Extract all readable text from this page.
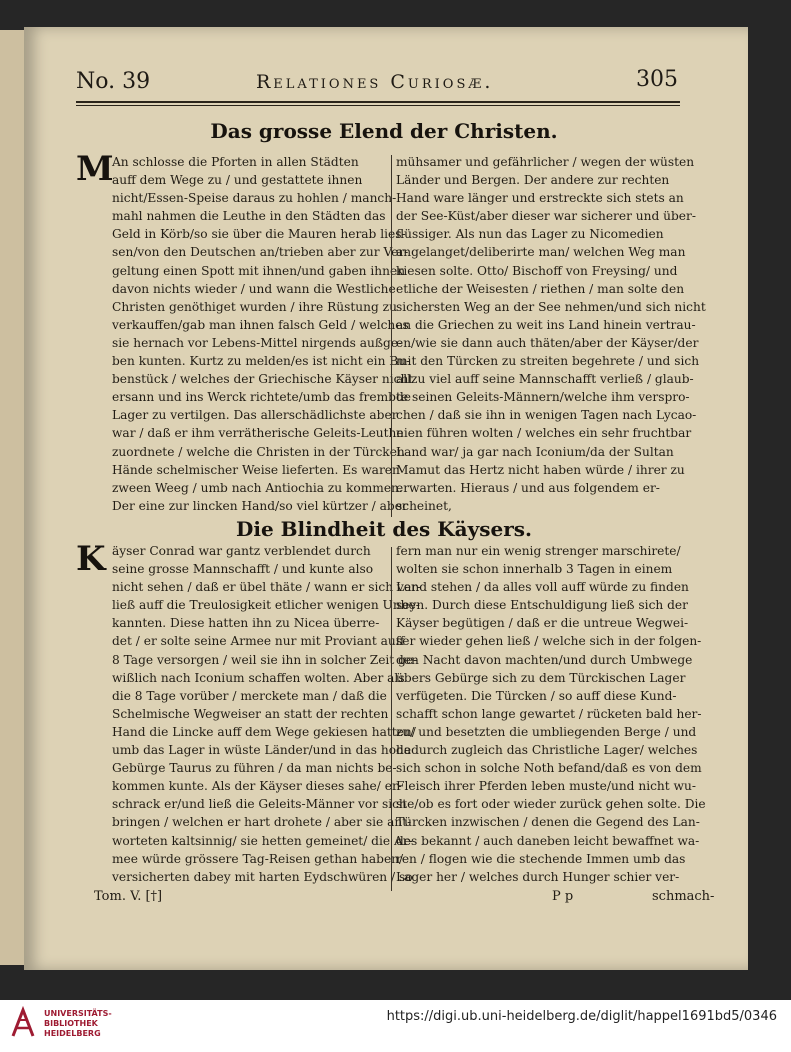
No. 39	Relationes Curiosæ.	305
Das grosse Elend der Christen.
M
An schlosse die Pforten in allen Städten
auff dem Wege zu / und gestattete ihnen
nicht/Essen-Speise daraus zu hohlen / manch-
mahl nahmen die Leuthe in den Städten das
Geld in Körb/so sie über die Mauren herab lies-
sen/von den Deutschen an/trieben aber zur Ver-
geltung einen Spott mit ihnen/und gaben ihnen
davon nichts wieder / und wann die Westliche
Christen genöthiget wurden / ihre Rüstung zu
verkauffen/gab man ihnen falsch Geld / welches
sie hernach vor Lebens-Mittel nirgends außge-
ben kunten. Kurtz zu melden/es ist nicht ein Bu-
benstück / welches der Griechische Käyser nicht
ersann und ins Werck richtete/umb das frembde
Lager zu vertilgen. Das allerschädlichste aber
war / daß er ihm verrätherische Geleits-Leuthe
zuordnete / welche die Christen in der Türcken
Hände schelmischer Weise lieferten. Es waren
zween Weeg / umb nach Antiochia zu kommen.
Der eine zur lincken Hand/so viel kürtzer / aber
mühsamer und gefährlicher / wegen der wüsten
Länder und Bergen. Der andere zur rechten
Hand ware länger und erstreckte sich stets an
der See-Küst/aber dieser war sicherer und über-
flüssiger. Als nun das Lager zu Nicomedien
angelanget/deliberirte man/ welchen Weg man
kiesen solte. Otto/ Bischoff von Freysing/ und
etliche der Weisesten / riethen / man solte den
sichersten Weg an der See nehmen/und sich nicht
an die Griechen zu weit ins Land hinein vertrau-
en/wie sie dann auch thäten/aber der Käyser/der
mit den Türcken zu streiten begehrete / und sich
allzu viel auff seine Mannschafft verließ / glaub-
te seinen Geleits-Männern/welche ihm verspro-
chen / daß sie ihn in wenigen Tagen nach Lycao-
nien führen wolten / welches ein sehr fruchtbar
Land war/ ja gar nach Iconium/da der Sultan
Mamut das Hertz nicht haben würde / ihrer zu
erwarten. Hieraus / und aus folgendem er-
scheinet,
Die Blindheit des Käysers.
K äyser Conrad war gantz verblendet durch
seine grosse Mannschafft / und kunte also
nicht sehen / daß er übel thäte / wann er sich ver-
ließ auff die Treulosigkeit etlicher wenigen Unbe-
kannten. Diese hatten ihn zu Nicea überre-
det / er solte seine Armee nur mit Proviant auff
8 Tage versorgen / weil sie ihn in solcher Zeit ge-
wißlich nach Iconium schaffen wolten. Aber als
die 8 Tage vorüber / merckete man / daß die
Schelmische Wegweiser an statt der rechten
Hand die Lincke auff dem Wege gekiesen hatten/
umb das Lager in wüste Länder/und in das hohe
Gebürge Taurus zu führen / da man nichts be-
kommen kunte. Als der Käyser dieses sahe/ er-
schrack er/und ließ die Geleits-Männer vor sich
bringen / welchen er hart drohete / aber sie ant-
worteten kaltsinnig/ sie hetten gemeinet/ die Ar-
mee würde grössere Tag-Reisen gethan haben/
versicherten dabey mit harten Eydschwüren / so
fern man nur ein wenig strenger marschirete/
wolten sie schon innerhalb 3 Tagen in einem
Land stehen / da alles voll auff würde zu finden
seyn. Durch diese Entschuldigung ließ sich der
Käyser begütigen / daß er die untreue Wegwei-
ser wieder gehen ließ / welche sich in der folgen-
den Nacht davon machten/und durch Umbwege
übers Gebürge sich zu dem Türckischen Lager
verfügeten. Die Türcken / so auff diese Kund-
schafft schon lange gewartet / rücketen bald her-
zu/ und besetzten die umbliegenden Berge / und
dadurch zugleich das Christliche Lager/ welches
sich schon in solche Noth befand/daß es von dem
Fleisch ihrer Pferden leben muste/und nicht wu-
ste/ob es fort oder wieder zurück gehen solte. Die
Türcken inzwischen / denen die Gegend des Lan-
des bekannt / auch daneben leicht bewaffnet wa-
ren / flogen wie die stechende Immen umb das
Lager her / welches durch Hunger schier ver-
Tom. V. [†]	P p	schmach-
UNIVERSITÄTS-
BIBLIOTHEK
HEIDELBERG
https://digi.ub.uni-heidelberg.de/diglit/happel1691bd5/0346
